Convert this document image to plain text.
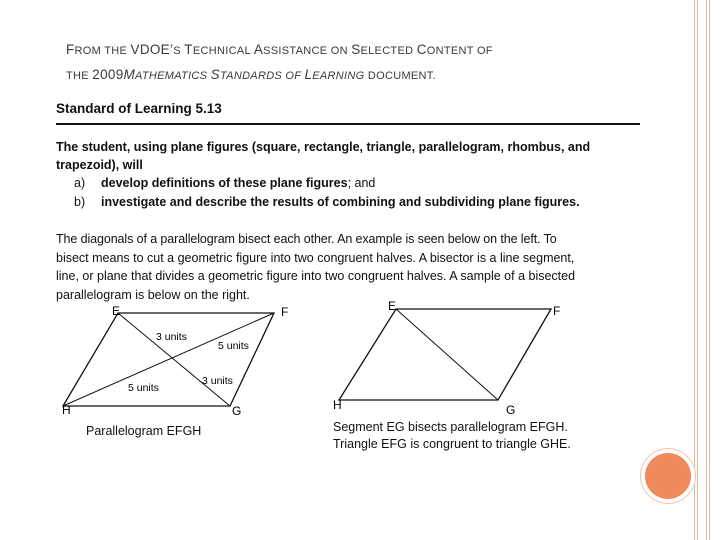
FROM THE VDOE’S TECHNICAL ASSISTANCE ON SELECTED CONTENT OF
THE 2009MATHEMATICS STANDARDS OF LEARNING DOCUMENT.
Standard of Learning 5.13
The student, using plane figures (square, rectangle, triangle, parallelogram, rhombus, and trapezoid), will
a) develop definitions of these plane figures; and
b) investigate and describe the results of combining and subdividing plane figures.
The diagonals of a parallelogram bisect each other. An example is seen below on the left. To
bisect means to cut a geometric figure into two congruent halves. A bisector is a line segment,
line, or plane that divides a geometric figure into two congruent halves. A sample of a bisected
parallelogram is below on the right.
E	F
G
H
3 units
5 units
5 units
3 units
E	F
G
H
Parallelogram EFGH	Segment EG bisects parallelogram EFGH.
Triangle EFG is congruent to triangle GHE.
